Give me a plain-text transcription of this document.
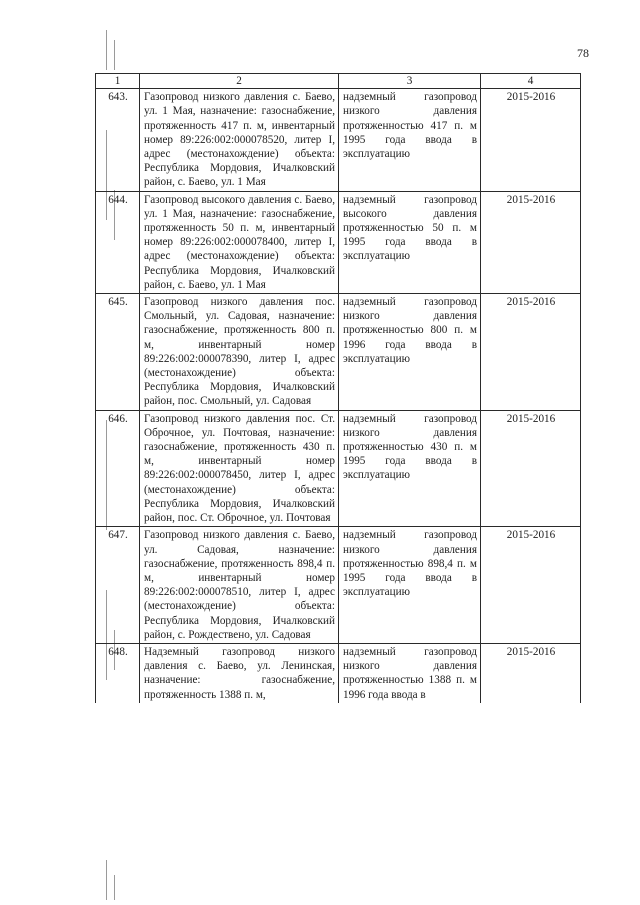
78
1	2	3	4
643.	Газопровод низкого давления с. Баево, ул. 1 Мая, назначение: газоснабжение, протяженность 417 п. м, инвентарный номер 89:226:002:000078520, литер I, адрес (местонахождение) объекта: Республика Мордовия, Ичалковский район, с. Баево, ул. 1 Мая	надземный газопровод низкого давления протяженностью 417 п. м 1995 года ввода в эксплуатацию	2015-2016
644.	Газопровод высокого давления с. Баево, ул. 1 Мая, назначение: газоснабжение, протяженность 50 п. м, инвентарный номер 89:226:002:000078400, литер I, адрес (местонахождение) объекта: Республика Мордовия, Ичалковский район, с. Баево, ул. 1 Мая	надземный газопровод высокого давления протяженностью 50 п. м 1995 года ввода в эксплуатацию	2015-2016
645.	Газопровод низкого давления пос. Смольный, ул. Садовая, назначение: газоснабжение, протяженность 800 п. м, инвентарный номер 89:226:002:000078390, литер I, адрес (местонахождение) объекта: Республика Мордовия, Ичалковский район, пос. Смольный, ул. Садовая	надземный газопровод низкого давления протяженностью 800 п. м 1996 года ввода в эксплуатацию	2015-2016
646.	Газопровод низкого давления пос. Ст. Оброчное, ул. Почтовая, назначение: газоснабжение, протяженность 430 п. м, инвентарный номер 89:226:002:000078450, литер I, адрес (местонахождение) объекта: Республика Мордовия, Ичалковский район, пос. Ст. Оброчное, ул. Почтовая	надземный газопровод низкого давления протяженностью 430 п. м 1995 года ввода в эксплуатацию	2015-2016
647.	Газопровод низкого давления с. Баево, ул. Садовая, назначение: газоснабжение, протяженность 898,4 п. м, инвентарный номер 89:226:002:000078510, литер I, адрес (местонахождение) объекта: Республика Мордовия, Ичалковский район, с. Рождествено, ул. Садовая	надземный газопровод низкого давления протяженностью 898,4 п. м 1995 года ввода в эксплуатацию	2015-2016
648.	Надземный газопровод низкого давления с. Баево, ул. Ленинская, назначение: газоснабжение, протяженность 1388 п. м,	надземный газопровод низкого давления протяженностью 1388 п. м 1996 года ввода в	2015-2016
